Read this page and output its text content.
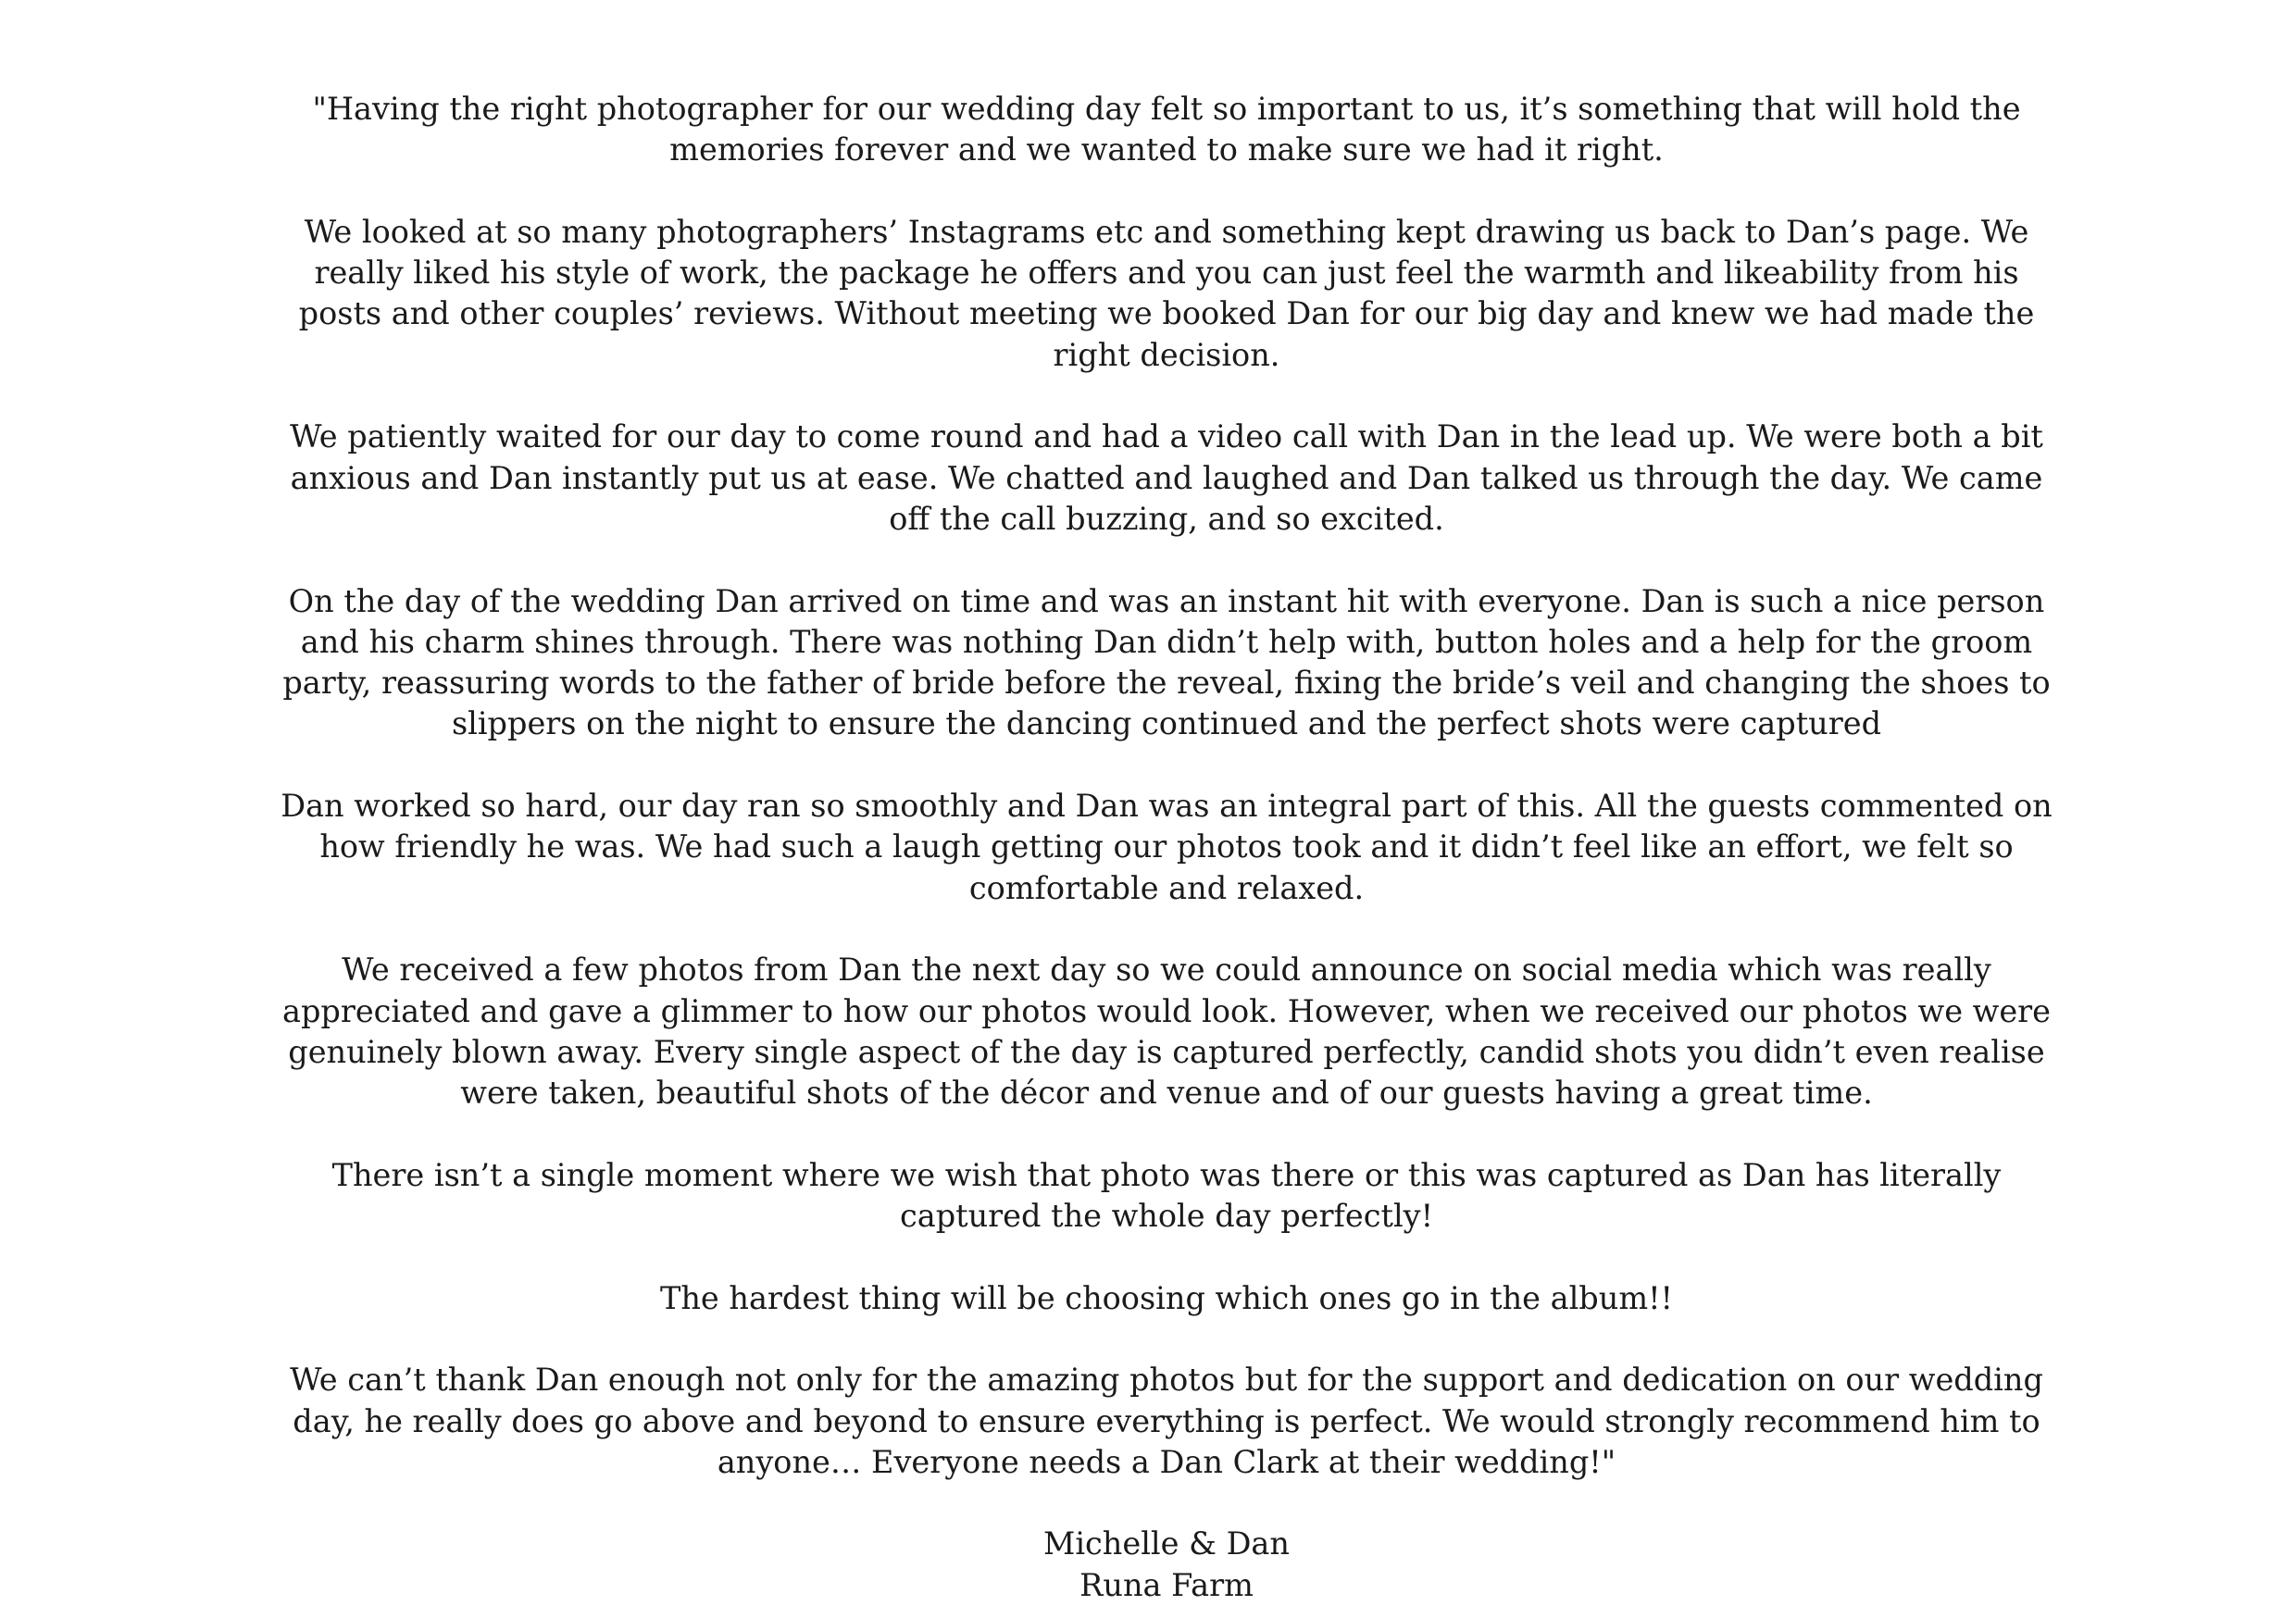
"Having the right photographer for our wedding day felt so important to us, it’s something that will hold the memories forever and we wanted to make sure we had it right.

We looked at so many photographers’ Instagrams etc and something kept drawing us back to Dan’s page. We really liked his style of work, the package he offers and you can just feel the warmth and likeability from his posts and other couples’ reviews. Without meeting we booked Dan for our big day and knew we had made the right decision.

We patiently waited for our day to come round and had a video call with Dan in the lead up. We were both a bit anxious and Dan instantly put us at ease. We chatted and laughed and Dan talked us through the day. We came off the call buzzing, and so excited.

On the day of the wedding Dan arrived on time and was an instant hit with everyone. Dan is such a nice person and his charm shines through. There was nothing Dan didn’t help with, button holes and a help for the groom party, reassuring words to the father of bride before the reveal, fixing the bride’s veil and changing the shoes to slippers on the night to ensure the dancing continued and the perfect shots were captured

Dan worked so hard, our day ran so smoothly and Dan was an integral part of this. All the guests commented on how friendly he was. We had such a laugh getting our photos took and it didn’t feel like an effort, we felt so comfortable and relaxed.

We received a few photos from Dan the next day so we could announce on social media which was really appreciated and gave a glimmer to how our photos would look. However, when we received our photos we were genuinely blown away. Every single aspect of the day is captured perfectly, candid shots you didn’t even realise were taken, beautiful shots of the décor and venue and of our guests having a great time.

There isn’t a single moment where we wish that photo was there or this was captured as Dan has literally captured the whole day perfectly!

The hardest thing will be choosing which ones go in the album!!

We can’t thank Dan enough not only for the amazing photos but for the support and dedication on our wedding day, he really does go above and beyond to ensure everything is perfect. We would strongly recommend him to anyone… Everyone needs a Dan Clark at their wedding!"

Michelle & Dan
Runa Farm
